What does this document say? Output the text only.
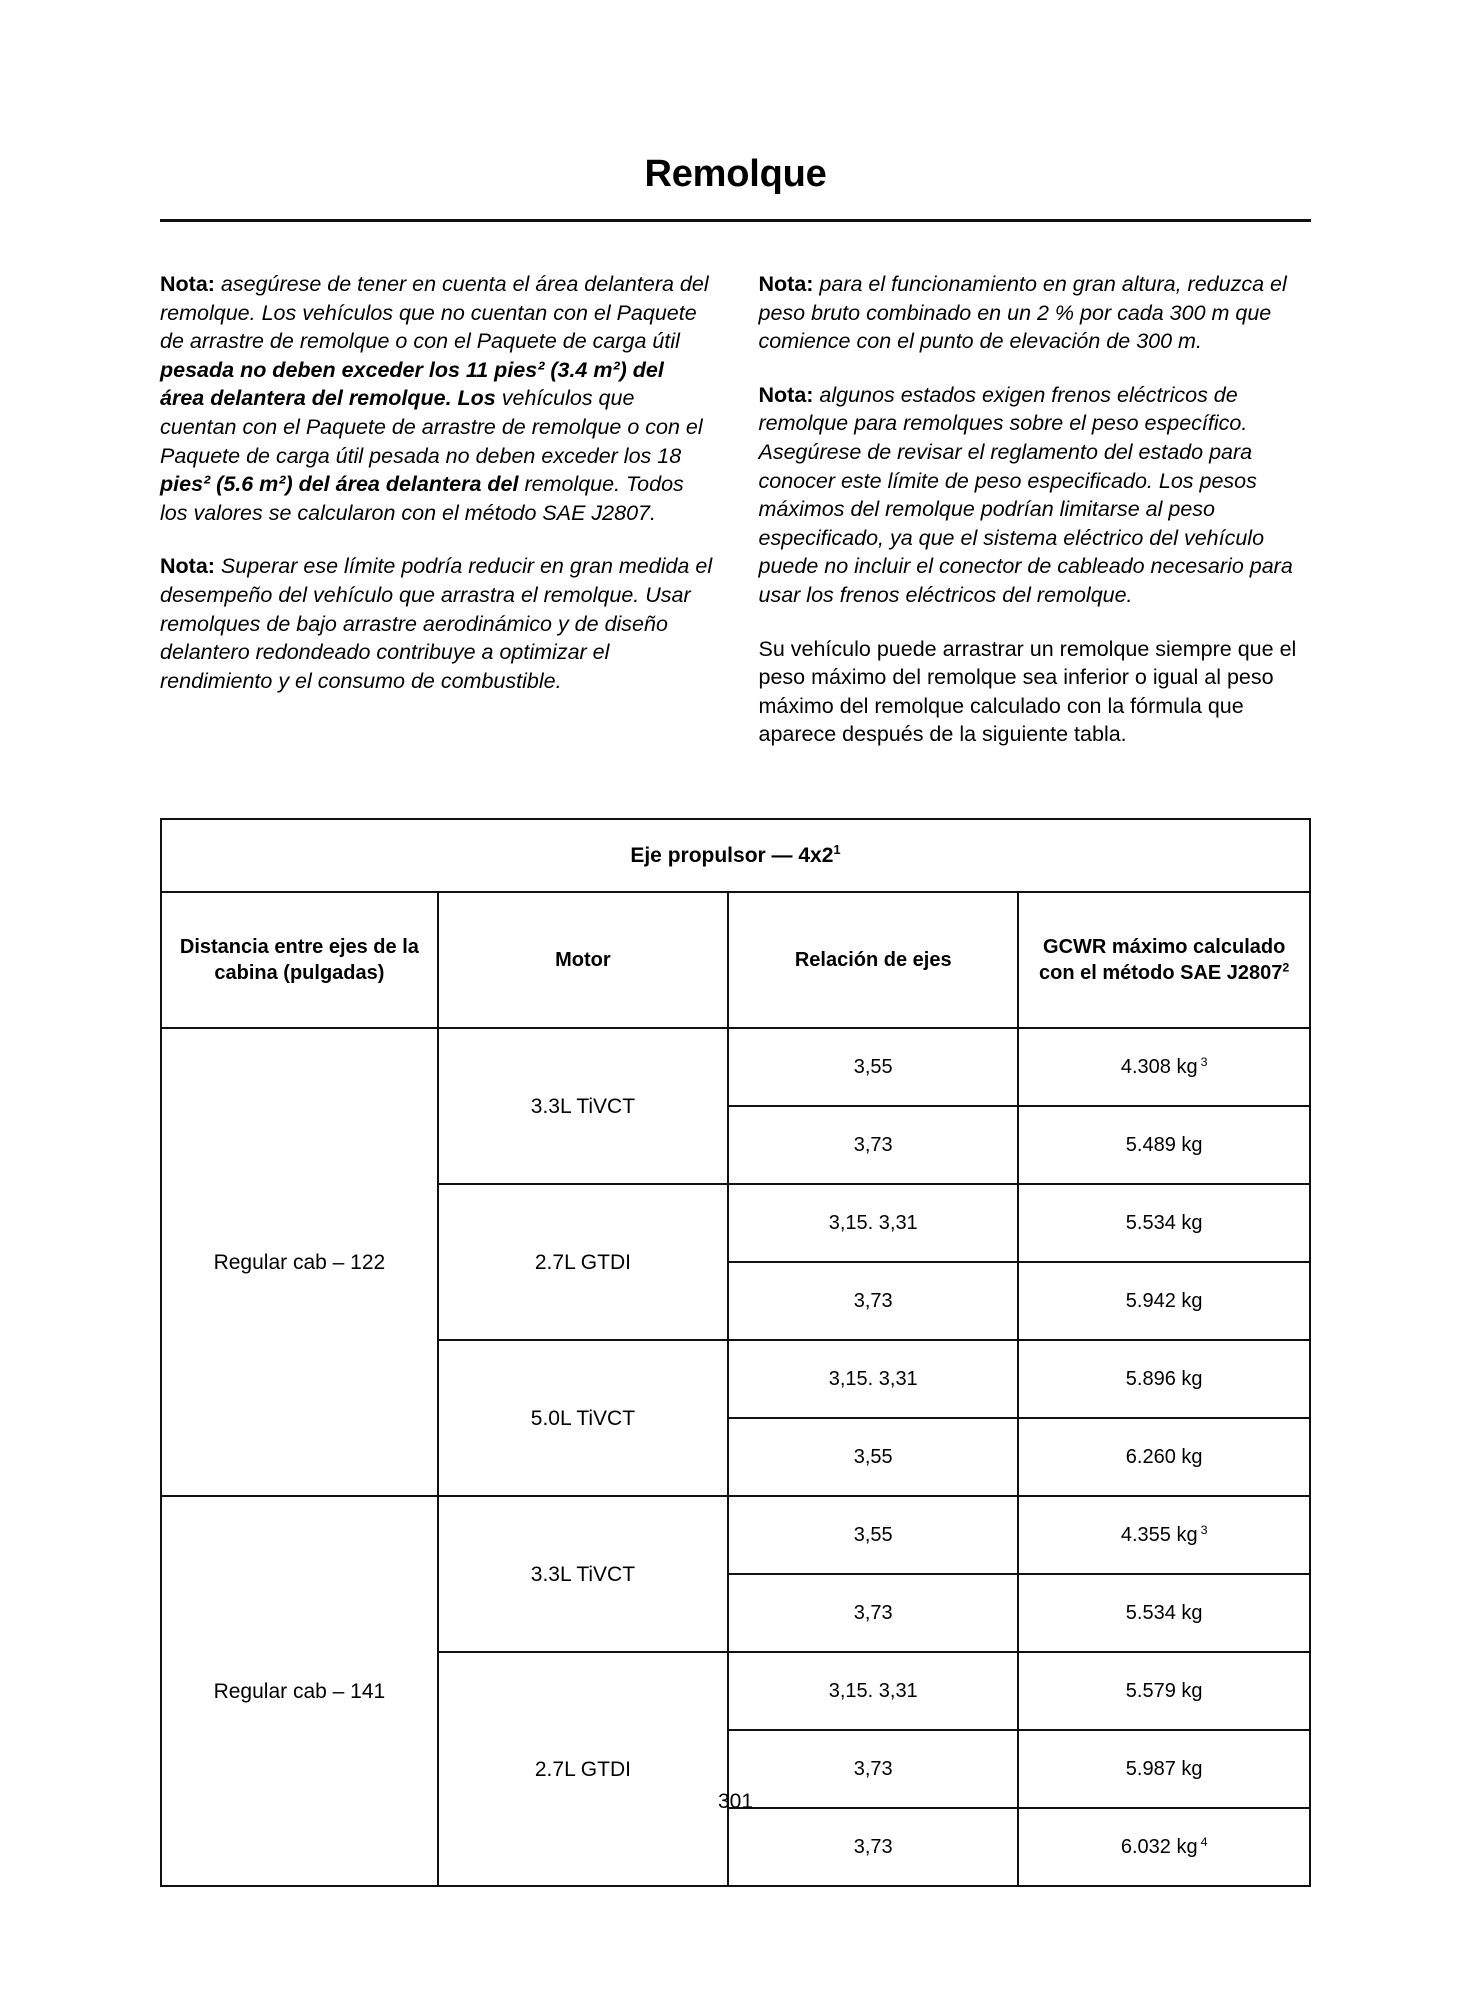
Remolque

Nota: asegúrese de tener en cuenta el área delantera del remolque. Los vehículos que no cuentan con el Paquete de arrastre de remolque o con el Paquete de carga útil pesada no deben exceder los 11 pies² (3.4 m²) del área delantera del remolque. Los vehículos que cuentan con el Paquete de arrastre de remolque o con el Paquete de carga útil pesada no deben exceder los 18 pies² (5.6 m²) del área delantera del remolque. Todos los valores se calcularon con el método SAE J2807.

Nota: Superar ese límite podría reducir en gran medida el desempeño del vehículo que arrastra el remolque. Usar remolques de bajo arrastre aerodinámico y de diseño delantero redondeado contribuye a optimizar el rendimiento y el consumo de combustible.

Nota: para el funcionamiento en gran altura, reduzca el peso bruto combinado en un 2 % por cada 300 m que comience con el punto de elevación de 300 m.

Nota: algunos estados exigen frenos eléctricos de remolque para remolques sobre el peso específico. Asegúrese de revisar el reglamento del estado para conocer este límite de peso especificado. Los pesos máximos del remolque podrían limitarse al peso especificado, ya que el sistema eléctrico del vehículo puede no incluir el conector de cableado necesario para usar los frenos eléctricos del remolque.

Su vehículo puede arrastrar un remolque siempre que el peso máximo del remolque sea inferior o igual al peso máximo del remolque calculado con la fórmula que aparece después de la siguiente tabla.

Eje propulsor — $4x2^1$
Distancia entre ejes de la cabina (pulgadas)	Motor	Relación de ejes	GCWR máximo calculado con el método SAE J2807$^2$
Regular cab – 122	3.3L TiVCT	3,55	4.308 kg $^3$
		3,73	5.489 kg
	2.7L GTDI	3,15. 3,31	5.534 kg
		3,73	5.942 kg
	5.0L TiVCT	3,15. 3,31	5.896 kg
		3,55	6.260 kg
Regular cab – 141	3.3L TiVCT	3,55	4.355 kg $^3$
		3,73	5.534 kg
	2.7L GTDI	3,15. 3,31	5.579 kg
		3,73	5.987 kg
		3,73	6.032 kg $^4$
301
